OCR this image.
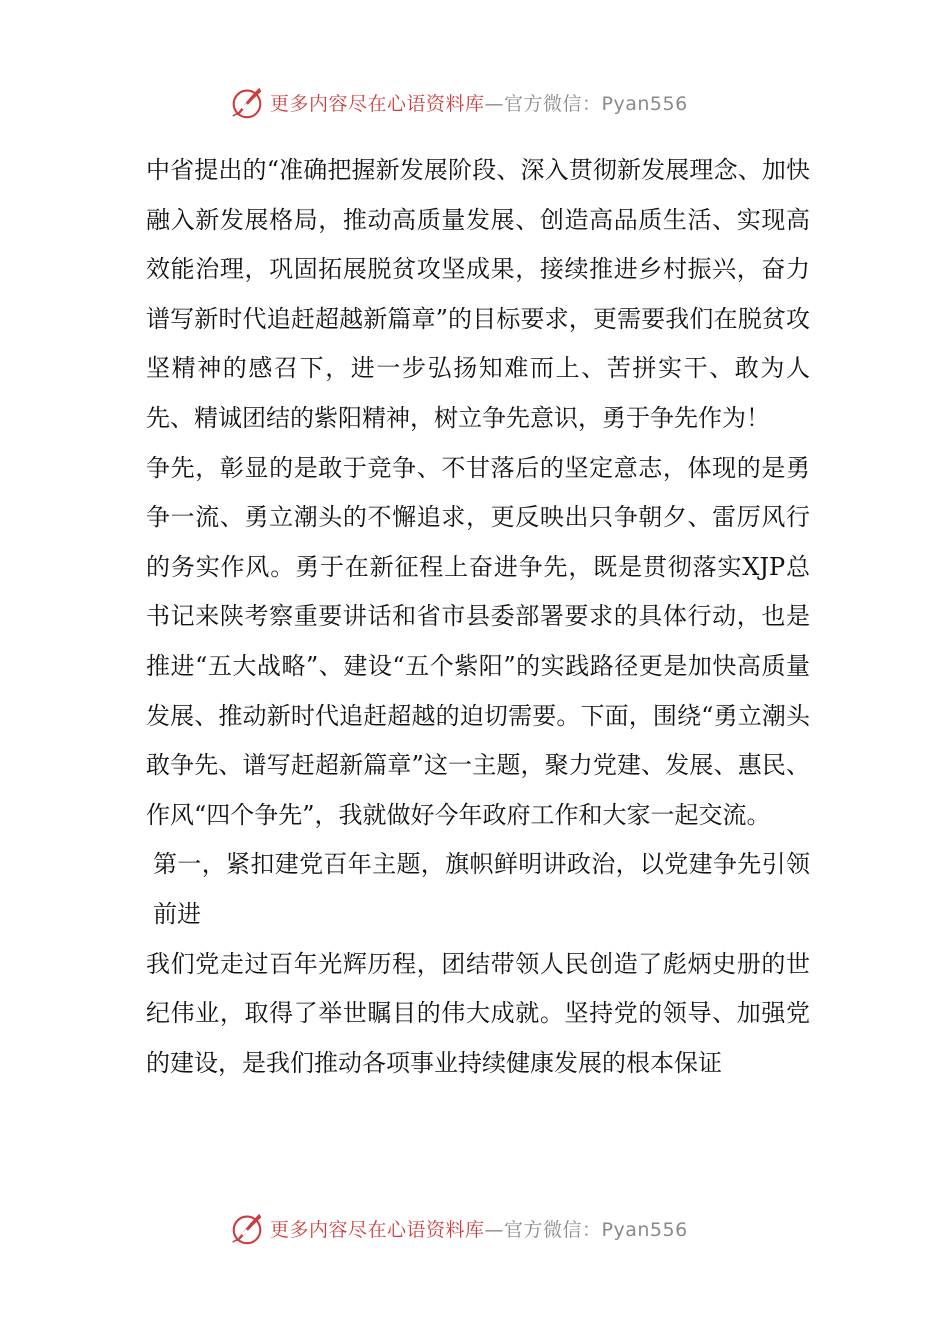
更多内容尽在心语资料库 —官方微信：Pyan556

中省提出的“准确把握新发展阶段、深入贯彻新发展理念、加快融入新发展格局，推动高质量发展、创造高品质生活、实现高效能治理，巩固拓展脱贫攻坚成果，接续推进乡村振兴，奋力谱写新时代追赶超越新篇章”的目标要求，更需要我们在脱贫攻坚精神的感召下，进一步弘扬知难而上、苦拼实干、敢为人先、精诚团结的紫阳精神，树立争先意识，勇于争先作为！

争先，彰显的是敢于竞争、不甘落后的坚定意志，体现的是勇争一流、勇立潮头的不懈追求，更反映出只争朝夕、雷厉风行的务实作风。勇于在新征程上奋进争先，既是贯彻落实XJP总书记来陕考察重要讲话和省市县委部署要求的具体行动，也是推进“五大战略”、建设“五个紫阳”的实践路径更是加快高质量发展、推动新时代追赶超越的迫切需要。下面，围绕“勇立潮头敢争先、谱写赶超新篇章”这一主题，聚力党建、发展、惠民、作风“四个争先”，我就做好今年政府工作和大家一起交流。

第一，紧扣建党百年主题，旗帜鲜明讲政治，以党建争先引领前进

我们党走过百年光辉历程，团结带领人民创造了彪炳史册的世纪伟业，取得了举世瞩目的伟大成就。坚持党的领导、加强党的建设，是我们推动各项事业持续健康发展的根本保证

更多内容尽在心语资料库 —官方微信：Pyan556
